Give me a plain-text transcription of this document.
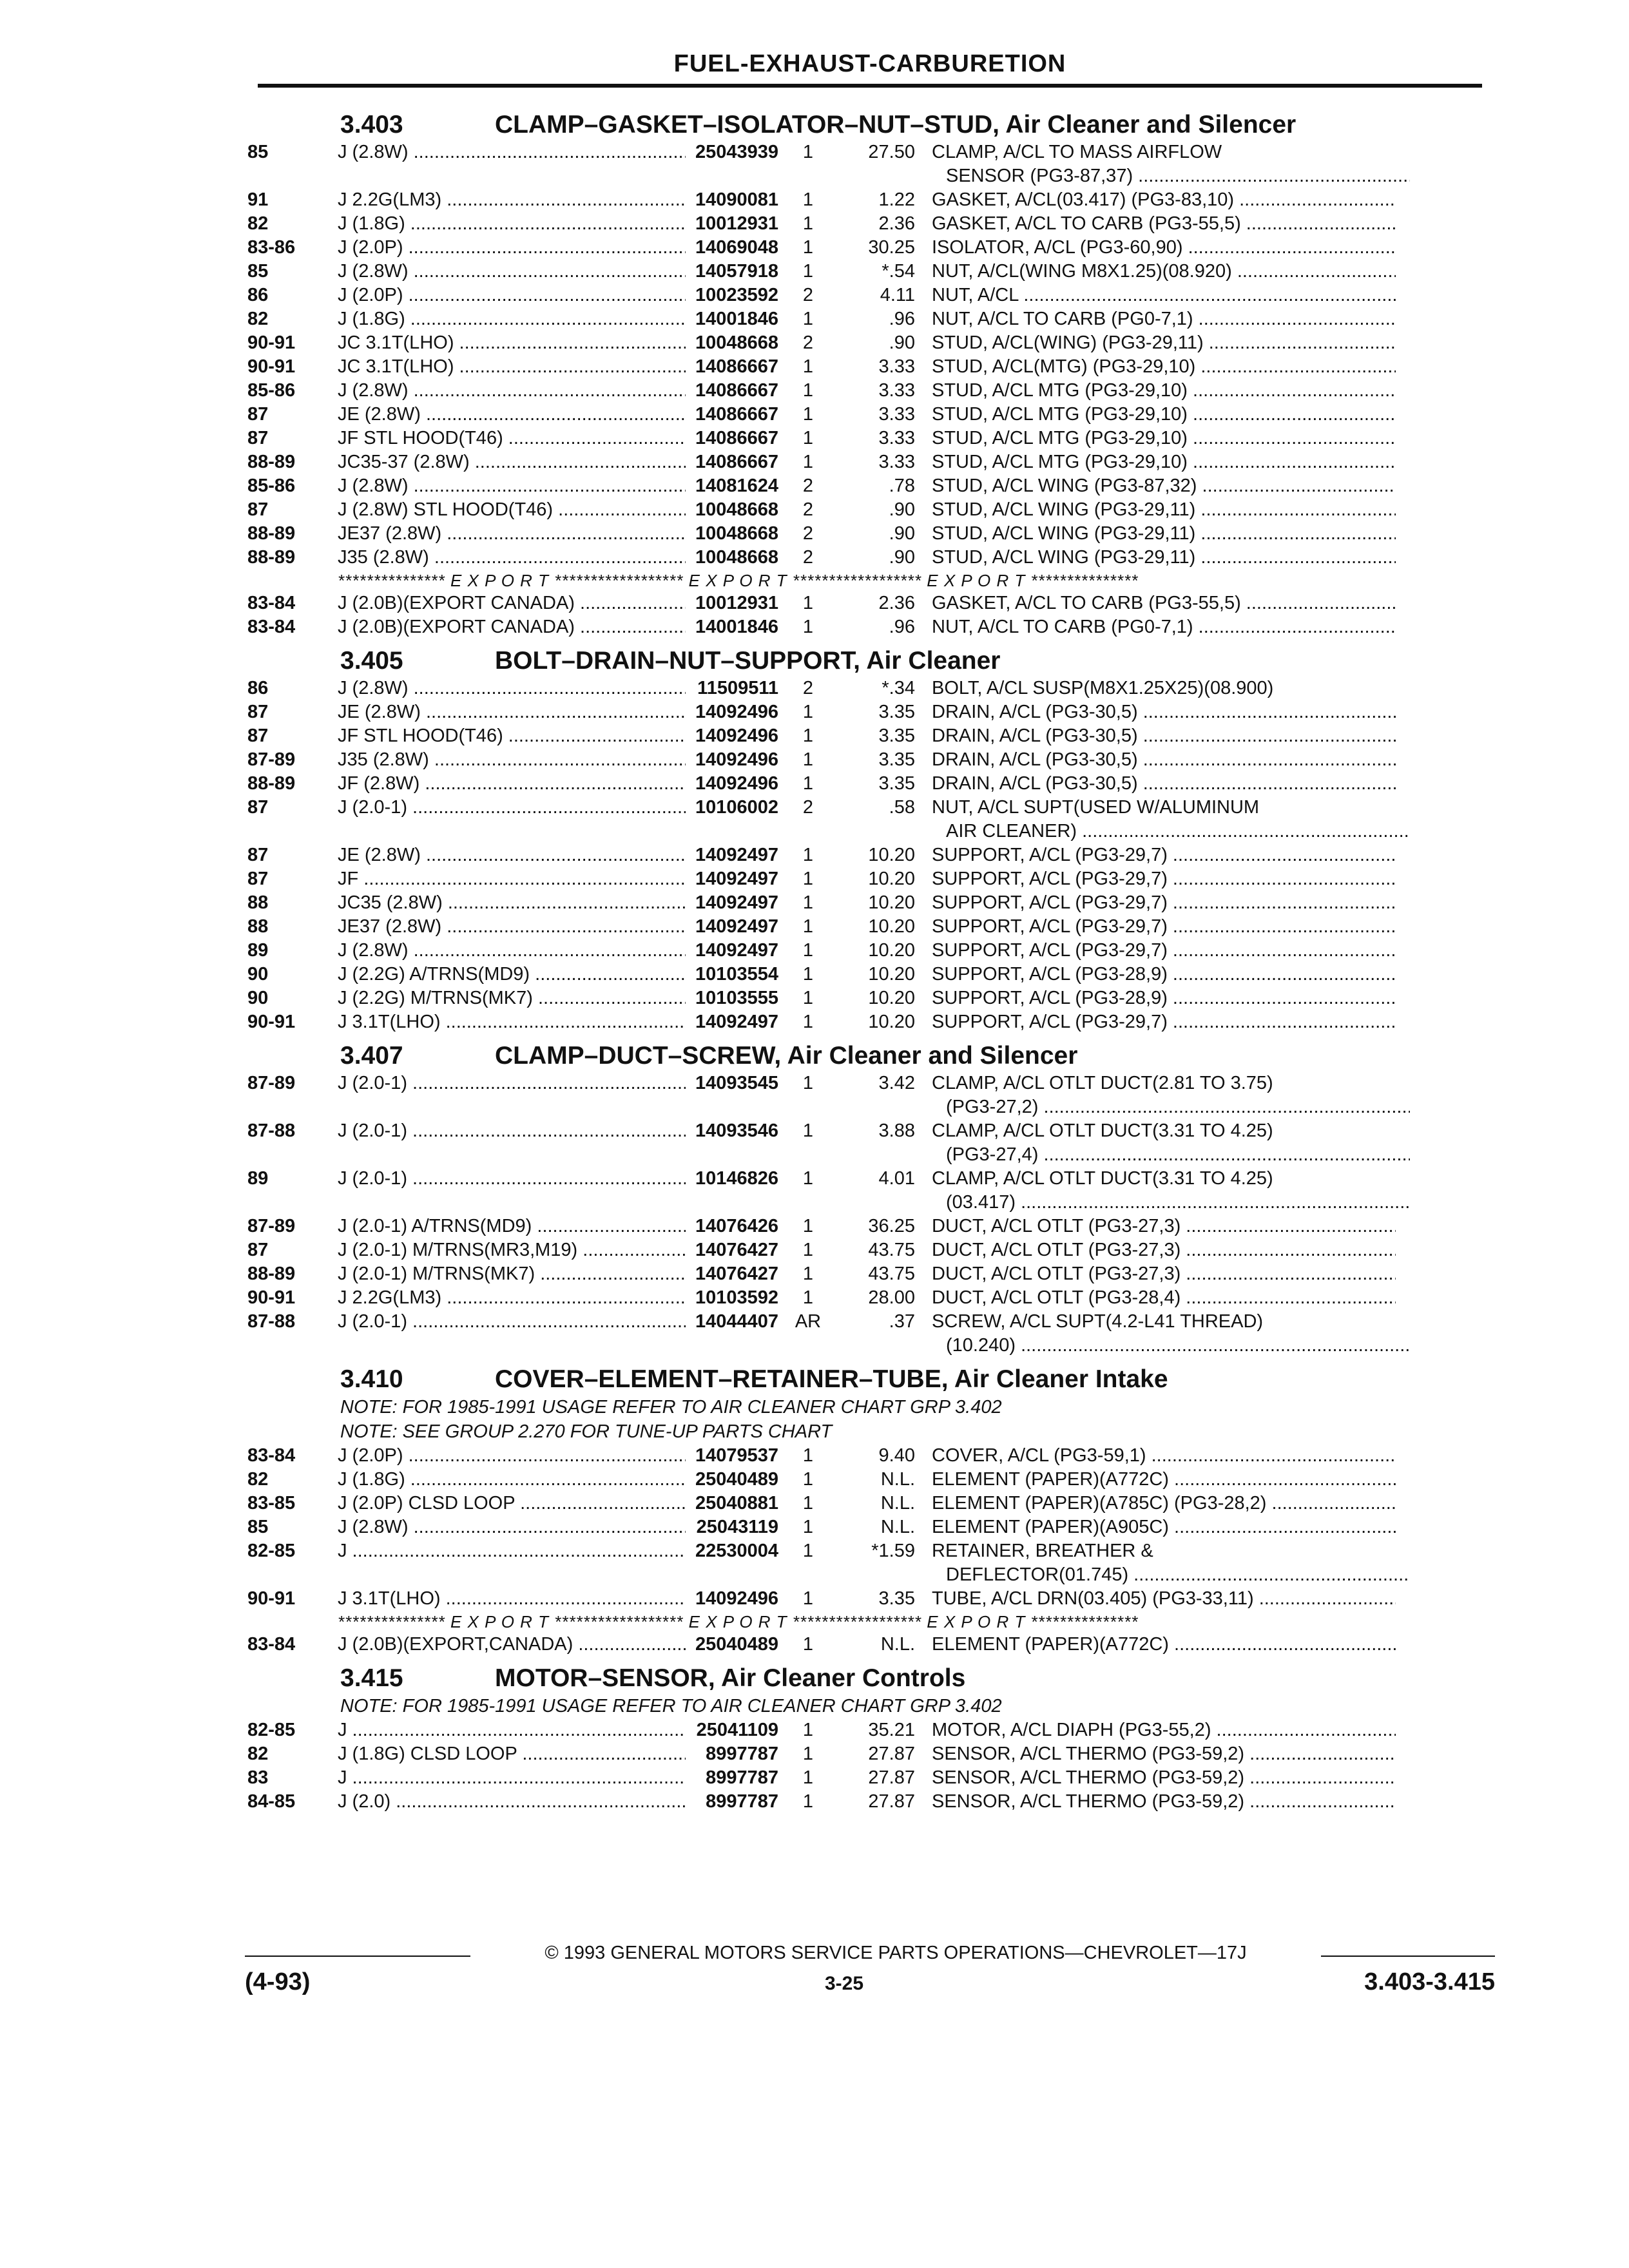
FUEL-EXHAUST-CARBURETION
3.403	CLAMP–GASKET–ISOLATOR–NUT–STUD, Air Cleaner and Silencer
85	J (2.8W) .....	25043939	1	27.50 CLAMP, A/CL TO MASS AIRFLOW
SENSOR (PG3-87,37) .....
91	J 2.2G(LM3) .....	14090081	1	1.22 GASKET, A/CL(03.417) (PG3-83,10) .....
82	J (1.8G) .....	10012931	1	2.36 GASKET, A/CL TO CARB (PG3-55,5) .....
83-86	J (2.0P) .....	14069048	1	30.25 ISOLATOR, A/CL (PG3-60,90) .....
85	J (2.8W) .....	14057918	1	*.54 NUT, A/CL(WING M8X1.25)(08.920) .....
86	J (2.0P) .....	10023592	2	4.11 NUT, A/CL .....
82	J (1.8G) .....	14001846	1	.96 NUT, A/CL TO CARB (PG0-7,1) .....
90-91	JC 3.1T(LHO) .....	10048668	2	.90 STUD, A/CL(WING) (PG3-29,11) .....
90-91	JC 3.1T(LHO) .....	14086667	1	3.33 STUD, A/CL(MTG) (PG3-29,10) .....
85-86	J (2.8W) .....	14086667	1	3.33 STUD, A/CL MTG (PG3-29,10) .....
87	JE (2.8W) .....	14086667	1	3.33 STUD, A/CL MTG (PG3-29,10) .....
87	JF STL HOOD(T46) .....	14086667	1	3.33 STUD, A/CL MTG (PG3-29,10) .....
88-89	JC35-37 (2.8W) .....	14086667	1	3.33 STUD, A/CL MTG (PG3-29,10) .....
85-86	J (2.8W) .....	14081624	2	.78 STUD, A/CL WING (PG3-87,32) .....
87	J (2.8W) STL HOOD(T46) .....	10048668	2	.90 STUD, A/CL WING (PG3-29,11) .....
88-89	JE37 (2.8W) .....	10048668	2	.90 STUD, A/CL WING (PG3-29,11) .....
88-89	J35 (2.8W) .....	10048668	2	.90 STUD, A/CL WING (PG3-29,11) .....
*************** E X P O R T ****************** E X P O R T ****************** E X P O R T ***************
83-84	J (2.0B)(EXPORT CANADA) .....	10012931	1	2.36 GASKET, A/CL TO CARB (PG3-55,5) .....
83-84	J (2.0B)(EXPORT CANADA) .....	14001846	1	.96 NUT, A/CL TO CARB (PG0-7,1) .....
3.405	BOLT–DRAIN–NUT–SUPPORT, Air Cleaner
86	J (2.8W) .....	11509511	2	*.34 BOLT, A/CL SUSP(M8X1.25X25)(08.900)
87	JE (2.8W) .....	14092496	1	3.35 DRAIN, A/CL (PG3-30,5) .....
87	JF STL HOOD(T46) .....	14092496	1	3.35 DRAIN, A/CL (PG3-30,5) .....
87-89	J35 (2.8W) .....	14092496	1	3.35 DRAIN, A/CL (PG3-30,5) .....
88-89	JF (2.8W) .....	14092496	1	3.35 DRAIN, A/CL (PG3-30,5) .....
87	J (2.0-1) .....	10106002	2	.58 NUT, A/CL SUPT(USED W/ALUMINUM
AIR CLEANER) .....
87	JE (2.8W) .....	14092497	1	10.20 SUPPORT, A/CL (PG3-29,7) .....
87	JF .....	14092497	1	10.20 SUPPORT, A/CL (PG3-29,7) .....
88	JC35 (2.8W) .....	14092497	1	10.20 SUPPORT, A/CL (PG3-29,7) .....
88	JE37 (2.8W) .....	14092497	1	10.20 SUPPORT, A/CL (PG3-29,7) .....
89	J (2.8W) .....	14092497	1	10.20 SUPPORT, A/CL (PG3-29,7) .....
90	J (2.2G) A/TRNS(MD9) .....	10103554	1	10.20 SUPPORT, A/CL (PG3-28,9) .....
90	J (2.2G) M/TRNS(MK7) .....	10103555	1	10.20 SUPPORT, A/CL (PG3-28,9) .....
90-91	J 3.1T(LHO) .....	14092497	1	10.20 SUPPORT, A/CL (PG3-29,7) .....
3.407	CLAMP–DUCT–SCREW, Air Cleaner and Silencer
87-89	J (2.0-1) .....	14093545	1	3.42 CLAMP, A/CL OTLT DUCT(2.81 TO 3.75)
(PG3-27,2) .....
87-88	J (2.0-1) .....	14093546	1	3.88 CLAMP, A/CL OTLT DUCT(3.31 TO 4.25)
(PG3-27,4) .....
89	J (2.0-1) .....	10146826	1	4.01 CLAMP, A/CL OTLT DUCT(3.31 TO 4.25)
(03.417) .....
87-89	J (2.0-1) A/TRNS(MD9) .....	14076426	1	36.25 DUCT, A/CL OTLT (PG3-27,3) .....
87	J (2.0-1) M/TRNS(MR3,M19) .....	14076427	1	43.75 DUCT, A/CL OTLT (PG3-27,3) .....
88-89	J (2.0-1) M/TRNS(MK7) .....	14076427	1	43.75 DUCT, A/CL OTLT (PG3-27,3) .....
90-91	J 2.2G(LM3) .....	10103592	1	28.00 DUCT, A/CL OTLT (PG3-28,4) .....
87-88	J (2.0-1) .....	14044407 AR	.37 SCREW, A/CL SUPT(4.2-L41 THREAD)
(10.240) .....
3.410	COVER–ELEMENT–RETAINER–TUBE, Air Cleaner Intake
NOTE: FOR 1985-1991 USAGE REFER TO AIR CLEANER CHART GRP 3.402
NOTE: SEE GROUP 2.270 FOR TUNE-UP PARTS CHART
83-84	J (2.0P) .....	14079537	1	9.40 COVER, A/CL (PG3-59,1) .....
82	J (1.8G) .....	25040489	1	N.L. ELEMENT (PAPER)(A772C) .....
83-85	J (2.0P) CLSD LOOP .....	25040881	1	N.L. ELEMENT (PAPER)(A785C) (PG3-28,2) .....
85	J (2.8W) .....	25043119	1	N.L. ELEMENT (PAPER)(A905C) .....
82-85	J .....	22530004	1	*1.59 RETAINER, BREATHER &
DEFLECTOR(01.745) .....
90-91	J 3.1T(LHO) .....	14092496	1	3.35 TUBE, A/CL DRN(03.405) (PG3-33,11) .....
*************** E X P O R T ****************** E X P O R T ****************** E X P O R T ***************
83-84	J (2.0B)(EXPORT,CANADA) .....	25040489	1	N.L. ELEMENT (PAPER)(A772C) .....
3.415	MOTOR–SENSOR, Air Cleaner Controls
NOTE: FOR 1985-1991 USAGE REFER TO AIR CLEANER CHART GRP 3.402
82-85	J .....	25041109	1	35.21 MOTOR, A/CL DIAPH (PG3-55,2) .....
82	J (1.8G) CLSD LOOP .....	8997787	1	27.87 SENSOR, A/CL THERMO (PG3-59,2) .....
83	J .....	8997787	1	27.87 SENSOR, A/CL THERMO (PG3-59,2) .....
84-85	J (2.0) .....	8997787	1	27.87 SENSOR, A/CL THERMO (PG3-59,2) .....
© 1993 GENERAL MOTORS SERVICE PARTS OPERATIONS—CHEVROLET—17J
(4-93)	3-25	3.403-3.415
